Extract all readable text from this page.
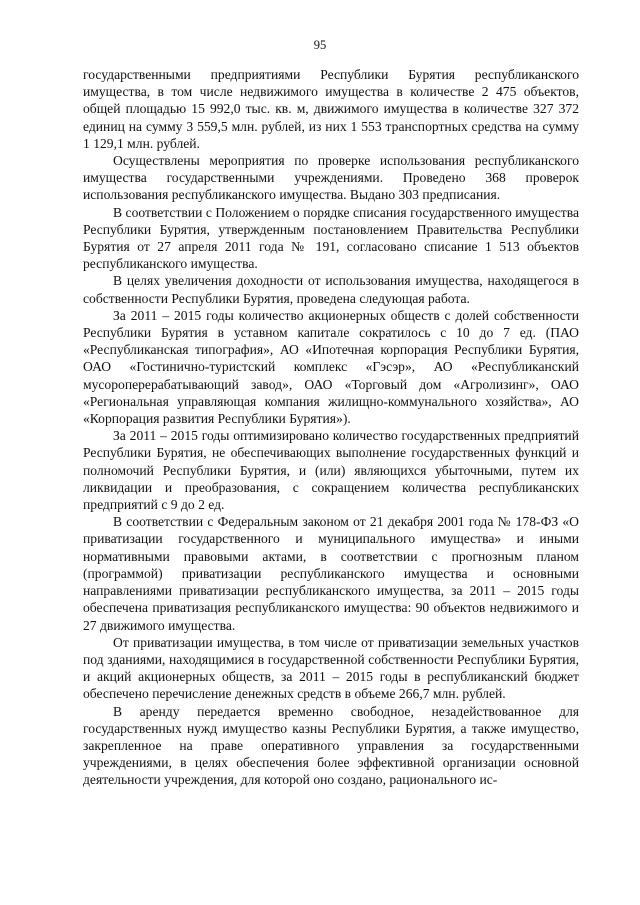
95

государственными предприятиями Республики Бурятия республиканского имущества, в том числе недвижимого имущества в количестве 2 475 объектов, общей площадью 15 992,0 тыс. кв. м, движимого имущества в количестве 327 372 единиц на сумму 3 559,5 млн. рублей, из них 1 553 транспортных средства на сумму 1 129,1 млн. рублей.

Осуществлены мероприятия по проверке использования республиканского имущества государственными учреждениями. Проведено 368 проверок использования республиканского имущества. Выдано 303 предписания.

В соответствии с Положением о порядке списания государственного имущества Республики Бурятия, утвержденным постановлением Правительства Республики Бурятия от 27 апреля 2011 года № 191, согласовано списание 1 513 объектов республиканского имущества.

В целях увеличения доходности от использования имущества, находящегося в собственности Республики Бурятия, проведена следующая работа.

За 2011 – 2015 годы количество акционерных обществ с долей собственности Республики Бурятия в уставном капитале сократилось с 10 до 7 ед. (ПАО «Республиканская типография», АО «Ипотечная корпорация Республики Бурятия, ОАО «Гостинично-туристский комплекс «Гэсэр», АО «Республиканский мусороперерабатывающий завод», ОАО «Торговый дом «Агролизинг», ОАО «Региональная управляющая компания жилищно-коммунального хозяйства», АО «Корпорация развития Республики Бурятия»).

За 2011 – 2015 годы оптимизировано количество государственных предприятий Республики Бурятия, не обеспечивающих выполнение государственных функций и полномочий Республики Бурятия, и (или) являющихся убыточными, путем их ликвидации и преобразования, с сокращением количества республиканских предприятий с 9 до 2 ед.

В соответствии с Федеральным законом от 21 декабря 2001 года № 178-ФЗ «О приватизации государственного и муниципального имущества» и иными нормативными правовыми актами, в соответствии с прогнозным планом (программой) приватизации республиканского имущества и основными направлениями приватизации республиканского имущества, за 2011 – 2015 годы обеспечена приватизация республиканского имущества: 90 объектов недвижимого и 27 движимого имущества.

От приватизации имущества, в том числе от приватизации земельных участков под зданиями, находящимися в государственной собственности Республики Бурятия, и акций акционерных обществ, за 2011 – 2015 годы в республиканский бюджет обеспечено перечисление денежных средств в объеме 266,7 млн. рублей.

В аренду передается временно свободное, незадействованное для государственных нужд имущество казны Республики Бурятия, а также имущество, закрепленное на праве оперативного управления за государственными учреждениями, в целях обеспечения более эффективной организации основной деятельности учреждения, для которой оно создано, рационального ис-
